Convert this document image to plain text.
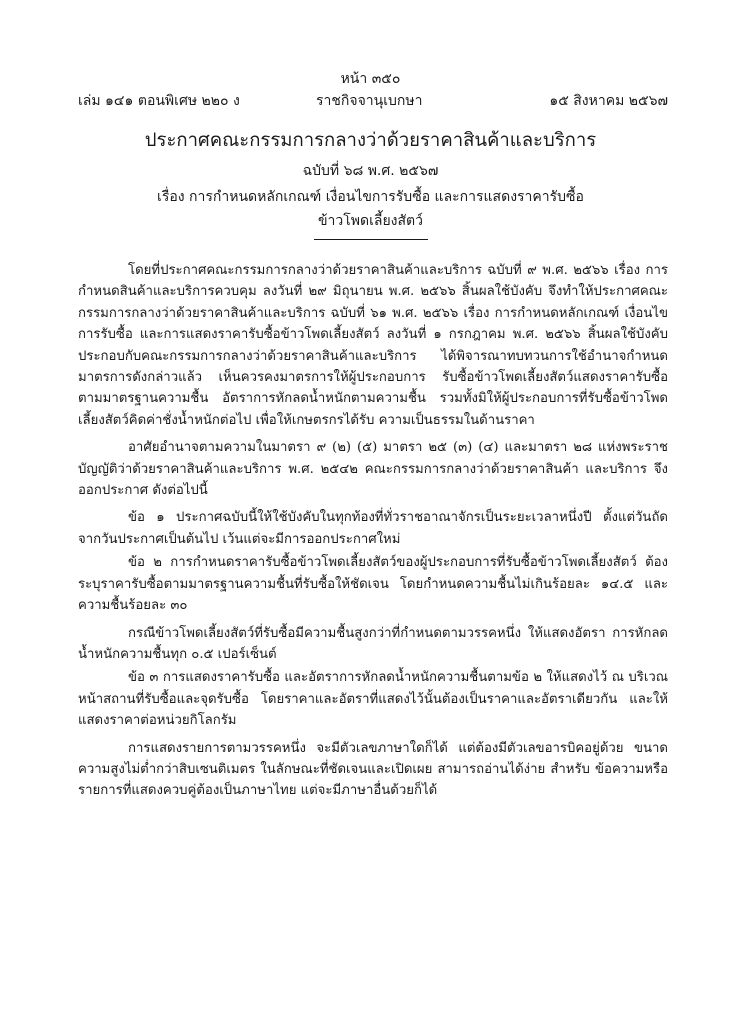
หน้า ๓๕๐
เล่ม ๑๔๑ ตอนพิเศษ ๒๒๐ ง	ราชกิจจานุเบกษา	๑๕ สิงหาคม ๒๕๖๗
ประกาศคณะกรรมการกลางว่าด้วยราคาสินค้าและบริการ
ฉบับที่ ๖๘ พ.ศ. ๒๕๖๗
เรื่อง การกำหนดหลักเกณฑ์ เงื่อนไขการรับซื้อ และการแสดงราคารับซื้อ
ข้าวโพดเลี้ยงสัตว์

โดยที่ประกาศคณะกรรมการกลางว่าด้วยราคาสินค้าและบริการ ฉบับที่ ๙ พ.ศ. ๒๕๖๖ เรื่อง การกำหนดสินค้าและบริการควบคุม ลงวันที่ ๒๙ มิถุนายน พ.ศ. ๒๕๖๖ สิ้นผลใช้บังคับ จึงทำให้ประกาศคณะกรรมการกลางว่าด้วยราคาสินค้าและบริการ ฉบับที่ ๖๑ พ.ศ. ๒๕๖๖ เรื่อง การกำหนดหลักเกณฑ์ เงื่อนไขการรับซื้อ และการแสดงราคารับซื้อข้าวโพดเลี้ยงสัตว์ ลงวันที่ ๑ กรกฎาคม พ.ศ. ๒๕๖๖ สิ้นผลใช้บังคับ ประกอบกับคณะกรรมการกลางว่าด้วยราคาสินค้าและบริการ ได้พิจารณาทบทวนการใช้อำนาจกำหนดมาตรการดังกล่าวแล้ว เห็นควรคงมาตรการให้ผู้ประกอบการ รับซื้อข้าวโพดเลี้ยงสัตว์แสดงราคารับซื้อตามมาตรฐานความชื้น อัตราการหักลดน้ำหนักตามความชื้น รวมทั้งมิให้ผู้ประกอบการที่รับซื้อข้าวโพดเลี้ยงสัตว์คิดค่าชั่งน้ำหนักต่อไป เพื่อให้เกษตรกรได้รับ ความเป็นธรรมในด้านราคา

อาศัยอำนาจตามความในมาตรา ๙ (๒) (๕) มาตรา ๒๕ (๓) (๔) และมาตรา ๒๘ แห่งพระราชบัญญัติว่าด้วยราคาสินค้าและบริการ พ.ศ. ๒๕๔๒ คณะกรรมการกลางว่าด้วยราคาสินค้า และบริการ จึงออกประกาศ ดังต่อไปนี้

ข้อ ๑ ประกาศฉบับนี้ให้ใช้บังคับในทุกท้องที่ทั่วราชอาณาจักรเป็นระยะเวลาหนึ่งปี ตั้งแต่วันถัดจากวันประกาศเป็นต้นไป เว้นแต่จะมีการออกประกาศใหม่

ข้อ ๒ การกำหนดราคารับซื้อข้าวโพดเลี้ยงสัตว์ของผู้ประกอบการที่รับซื้อข้าวโพดเลี้ยงสัตว์ ต้องระบุราคารับซื้อตามมาตรฐานความชื้นที่รับซื้อให้ชัดเจน โดยกำหนดความชื้นไม่เกินร้อยละ ๑๔.๕ และความชื้นร้อยละ ๓๐

กรณีข้าวโพดเลี้ยงสัตว์ที่รับซื้อมีความชื้นสูงกว่าที่กำหนดตามวรรคหนึ่ง ให้แสดงอัตรา การหักลดน้ำหนักความชื้นทุก ๐.๕ เปอร์เซ็นต์

ข้อ ๓ การแสดงราคารับซื้อ และอัตราการหักลดน้ำหนักความชื้นตามข้อ ๒ ให้แสดงไว้ ณ บริเวณหน้าสถานที่รับซื้อและจุดรับซื้อ โดยราคาและอัตราที่แสดงไว้นั้นต้องเป็นราคาและอัตราเดียวกัน และให้แสดงราคาต่อหน่วยกิโลกรัม

การแสดงรายการตามวรรคหนึ่ง จะมีตัวเลขภาษาใดก็ได้ แต่ต้องมีตัวเลขอารบิคอยู่ด้วย ขนาดความสูงไม่ต่ำกว่าสิบเซนติเมตร ในลักษณะที่ชัดเจนและเปิดเผย สามารถอ่านได้ง่าย สำหรับ ข้อความหรือรายการที่แสดงควบคู่ต้องเป็นภาษาไทย แต่จะมีภาษาอื่นด้วยก็ได้
